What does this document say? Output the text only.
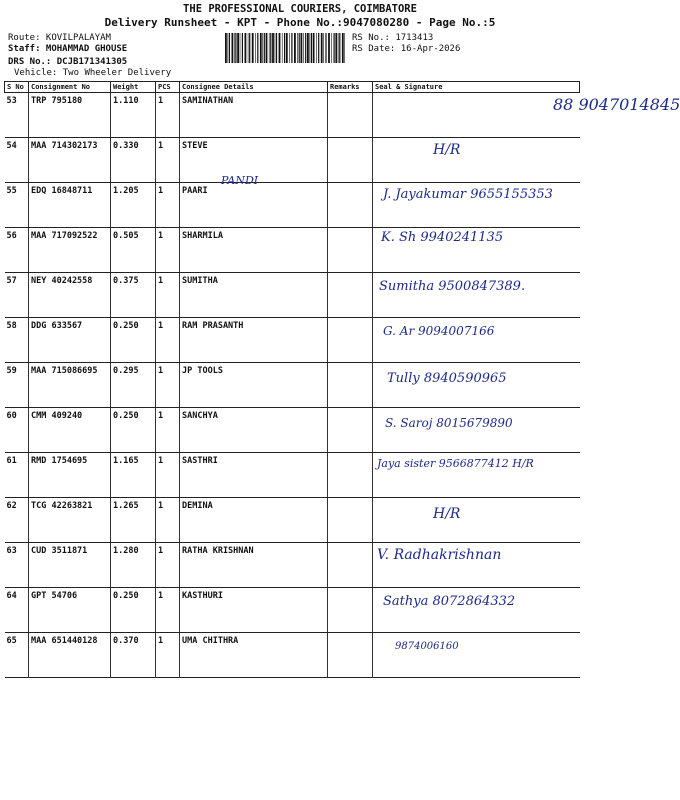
THE PROFESSIONAL COURIERS, COIMBATORE
Delivery Runsheet - KPT - Phone No.:9047080280 - Page No.:5
Route: KOVILPALAYAM
Staff: MOHAMMAD GHOUSE
DRS No.: DCJB171341305
Vehicle: Two Wheeler Delivery
RS No.: 1713413
RS Date: 16-Apr-2026
S No	Consignment No	Weight	PCS	Consignee Details	Remarks	Seal & Signature
53	TRP 795180	1.110	1	SAMINATHAN		88 9047014845

54	MAA 714302173	0.330	1	STEVE		H/R

55	EDQ 16848711	1.205	1	PAARI		J. Jayakumar 9655155353

56	MAA 717092522	0.505	1	SHARMILA		K. Sh 9940241135

57	NEY 40242558	0.375	1	SUMITHA		Sumitha 9500847389.

58	DDG 633567	0.250	1	RAM PRASANTH		G. Ar 9094007166

59	MAA 715086695	0.295	1	JP TOOLS		Tully 8940590965

60	CMM 409240	0.250	1	SANCHYA		S. Saroj 8015679890

61	RMD 1754695	1.165	1	SASTHRI		Jaya sister 9566877412 H/R

62	TCG 42263821	1.265	1	DEMINA		H/R

63	CUD 3511871	1.280	1	RATHA KRISHNAN		V. Radhakrishnan

64	GPT 54706	0.250	1	KASTHURI		Sathya 8072864332

65	MAA 651440128	0.370	1	UMA CHITHRA		9874006160
PANDI
